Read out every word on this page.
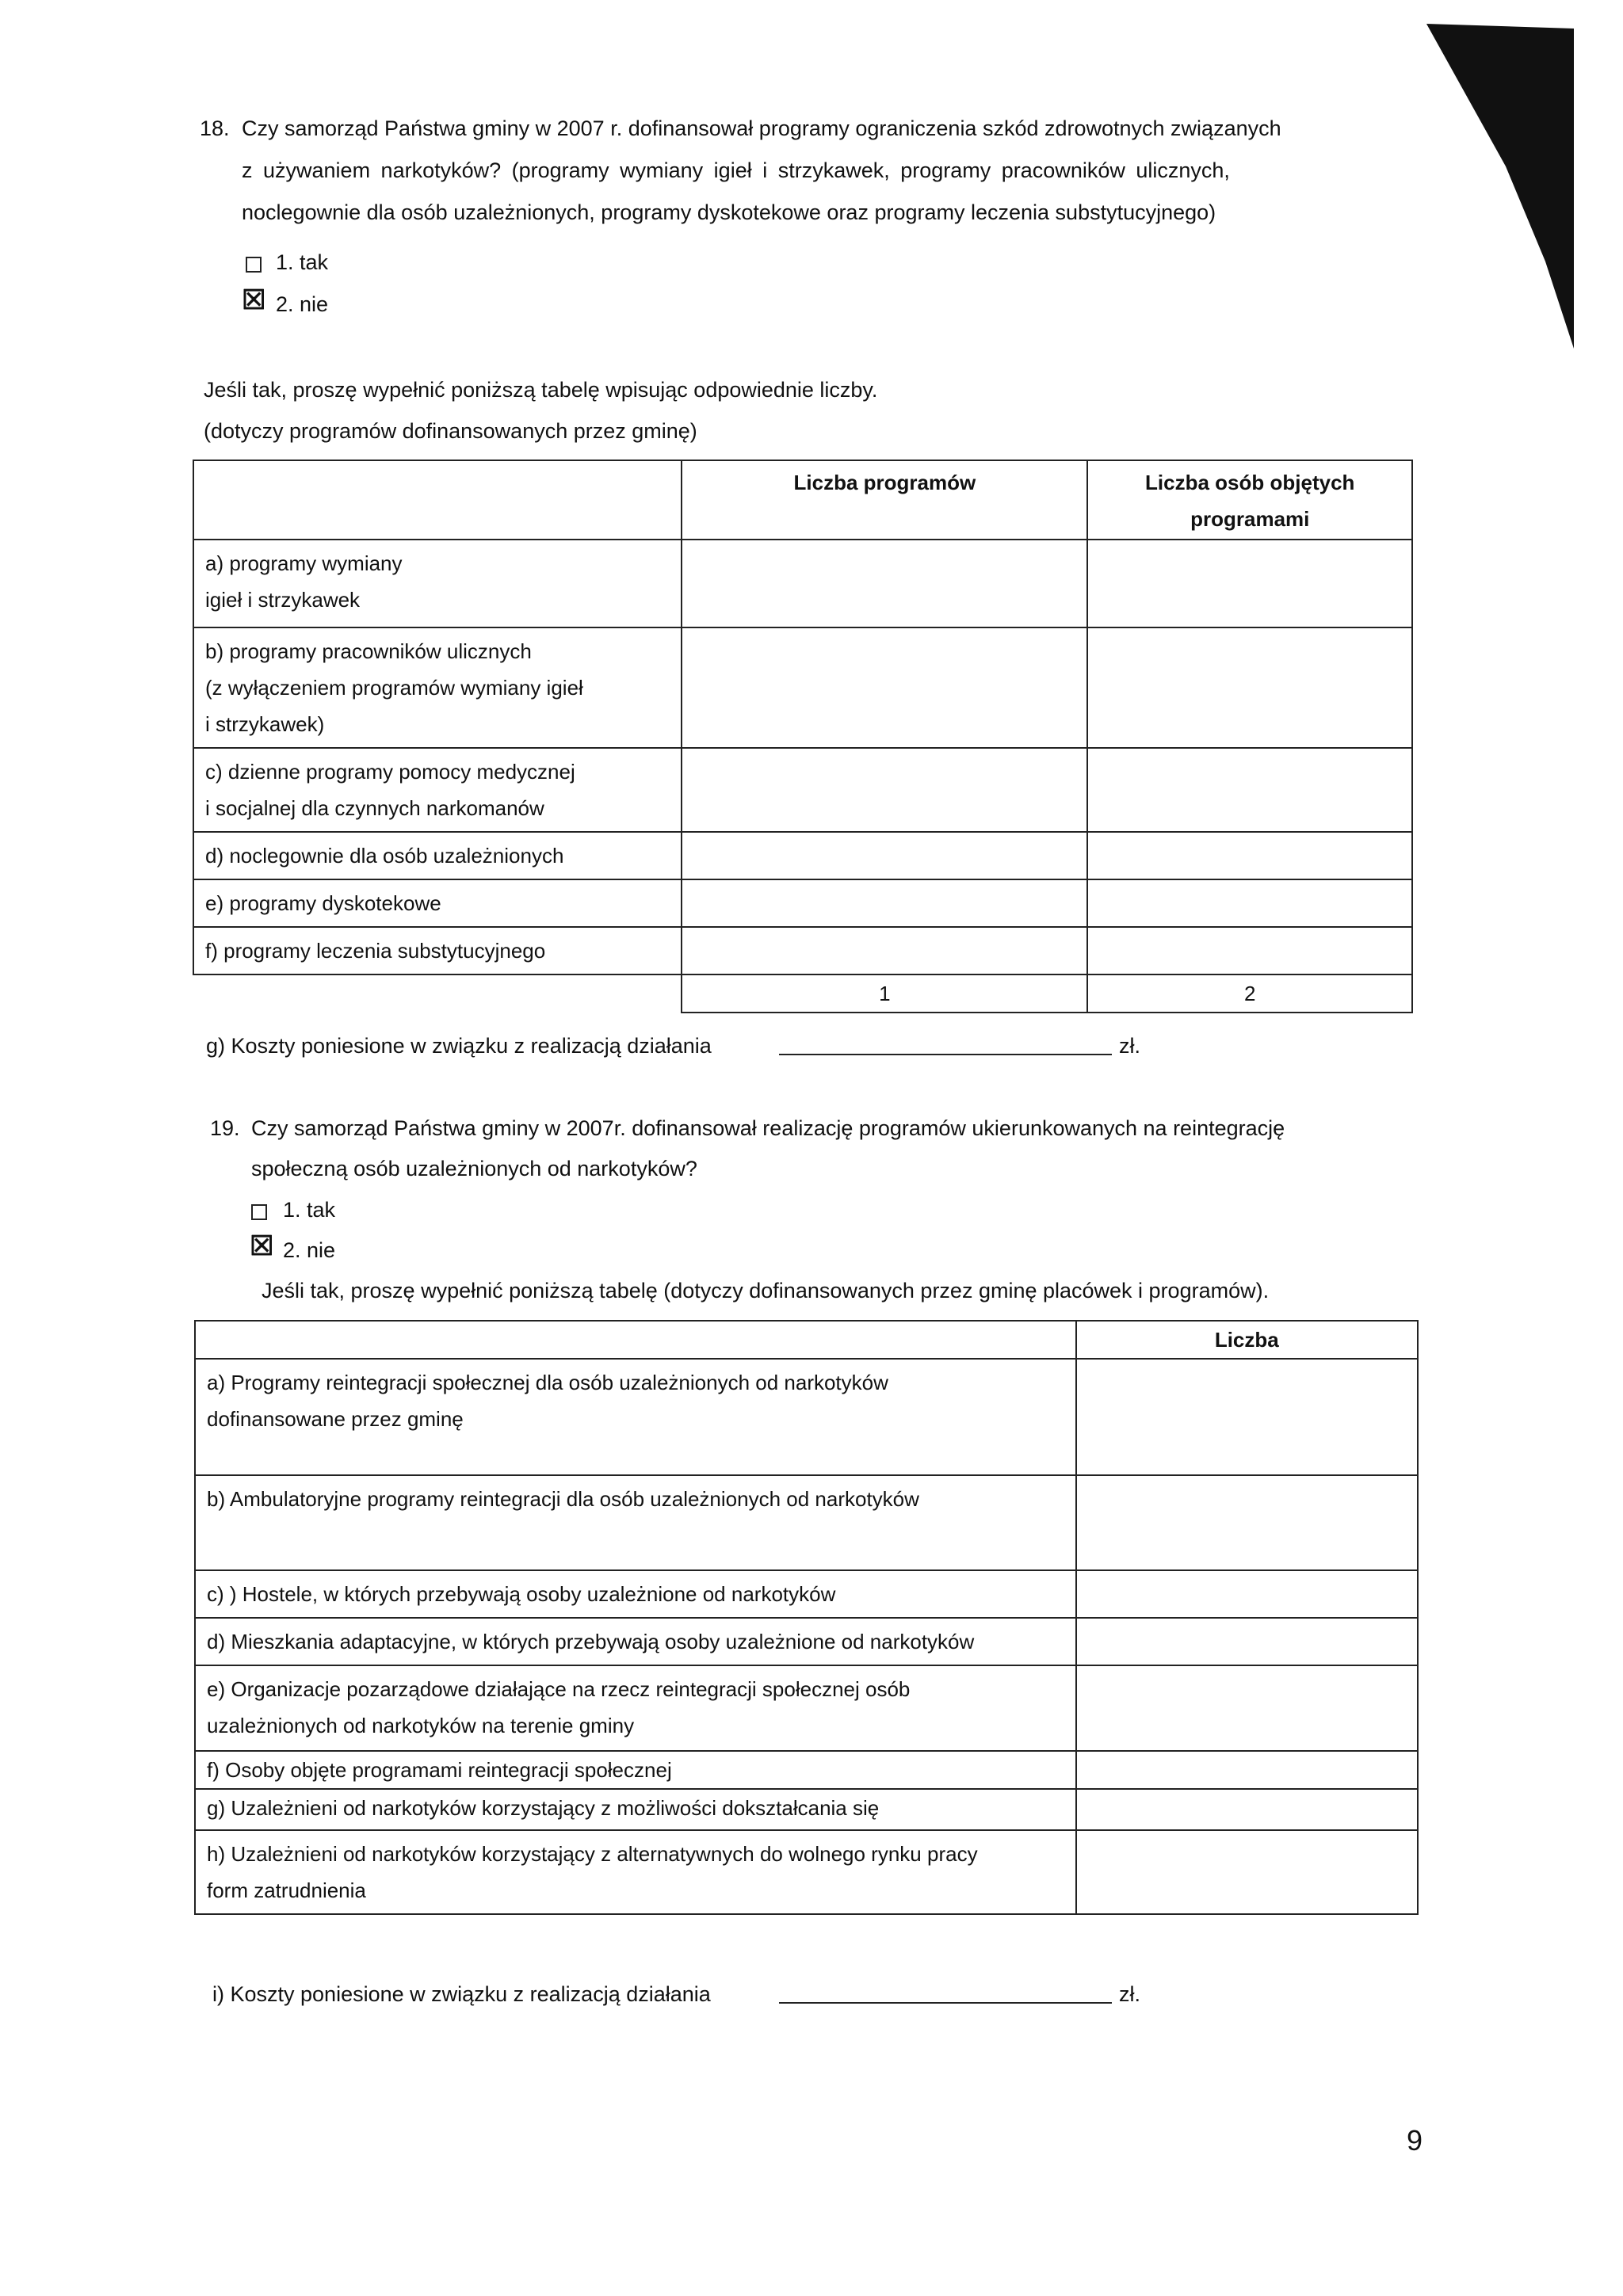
18. Czy samorząd Państwa gminy w 2007 r. dofinansował programy ograniczenia szkód zdrowotnych związanych
z używaniem narkotyków? (programy wymiany igieł i strzykawek, programy pracowników ulicznych,
noclegownie dla osób uzależnionych, programy dyskotekowe oraz programy leczenia substytucyjnego)
1. tak
☒ 2. nie
Jeśli tak, proszę wypełnić poniższą tabelę wpisując odpowiednie liczby.
(dotyczy programów dofinansowanych przez gminę)
	Liczba programów	Liczba osób objętych
programami

a) programy wymiany
igieł i strzykawek		

b) programy pracowników ulicznych
(z wyłączeniem programów wymiany igieł
i strzykawek)		

c) dzienne programy pomocy medycznej
i socjalnej dla czynnych narkomanów		

d) noclegownie dla osób uzależnionych		
e) programy dyskotekowe		
f) programy leczenia substytucyjnego		
	1	2
g) Koszty poniesione w związku z realizacją działania	zł.
19. Czy samorząd Państwa gminy w 2007r. dofinansował realizację programów ukierunkowanych na reintegrację
społeczną osób uzależnionych od narkotyków?
1. tak
☒ 2. nie
Jeśli tak, proszę wypełnić poniższą tabelę (dotyczy dofinansowanych przez gminę placówek i programów).
	Liczba

a) Programy reintegracji społecznej dla osób uzależnionych od narkotyków
dofinansowane przez gminę	

b) Ambulatoryjne programy reintegracji dla osób uzależnionych od narkotyków	
c) ) Hostele, w których przebywają osoby uzależnione od narkotyków	
d) Mieszkania adaptacyjne, w których przebywają osoby uzależnione od narkotyków	

e) Organizacje pozarządowe działające na rzecz reintegracji społecznej osób
uzależnionych od narkotyków na terenie gminy	

f) Osoby objęte programami reintegracji społecznej	
g) Uzależnieni od narkotyków korzystający z możliwości dokształcania się	

h) Uzależnieni od narkotyków korzystający z alternatywnych do wolnego rynku pracy
form zatrudnienia	

i) Koszty poniesione w związku z realizacją działania	zł.
9
